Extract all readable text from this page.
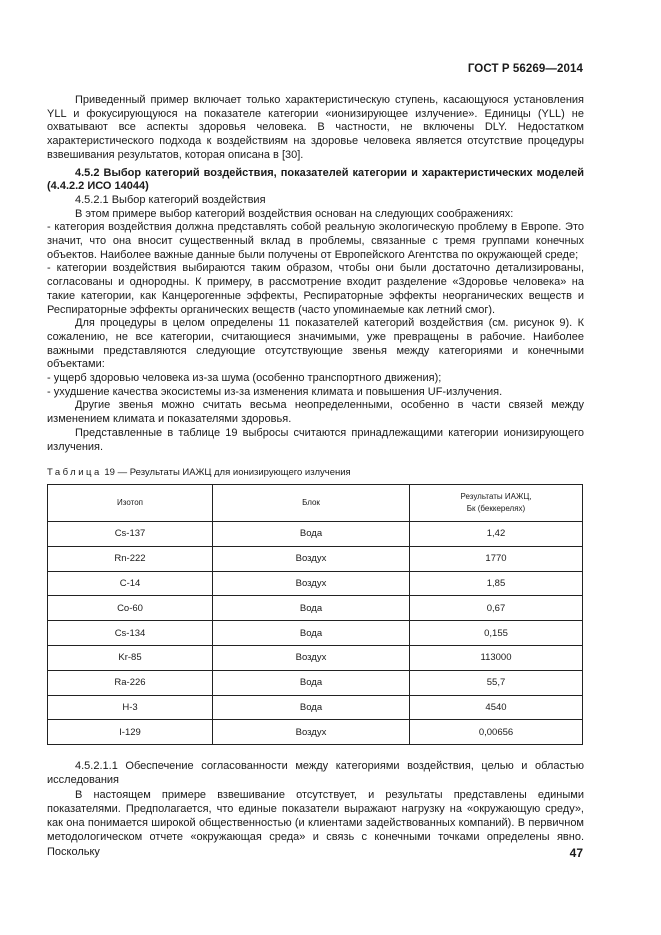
ГОСТ Р 56269—2014

Приведенный пример включает только характеристическую ступень, касающуюся установления YLL и фокусирующуюся на показателе категории «ионизирующее излучение». Единицы (YLL) не охватывают все аспекты здоровья человека. В частности, не включены DLY. Недостатком характеристического подхода к воздействиям на здоровье человека является отсутствие процедуры взвешивания результатов, которая описана в [30].

4.5.2 Выбор категорий воздействия, показателей категории и характеристических моделей (4.4.2.2 ИСО 14044)

4.5.2.1 Выбор категорий воздействия

В этом примере выбор категорий воздействия основан на следующих соображениях:

- категория воздействия должна представлять собой реальную экологическую проблему в Европе. Это значит, что она вносит существенный вклад в проблемы, связанные с тремя группами конечных объектов. Наиболее важные данные были получены от Европейского Агентства по окружающей среде;

- категории воздействия выбираются таким образом, чтобы они были достаточно детализированы, согласованы и однородны. К примеру, в рассмотрение входит разделение «Здоровье человека» на такие категории, как Канцерогенные эффекты, Респираторные эффекты неорганических веществ и Респираторные эффекты органических веществ (часто упоминаемые как летний смог).

Для процедуры в целом определены 11 показателей категорий воздействия (см. рисунок 9). К сожалению, не все категории, считающиеся значимыми, уже превращены в рабочие. Наиболее важными представляются следующие отсутствующие звенья между категориями и конечными объектами:

- ущерб здоровью человека из-за шума (особенно транспортного движения);

- ухудшение качества экосистемы из-за изменения климата и повышения UF-излучения.

Другие звенья можно считать весьма неопределенными, особенно в части связей между изменением климата и показателями здоровья.

Представленные в таблице 19 выбросы считаются принадлежащими категории ионизирующего излучения.

Таблица 19 — Результаты ИАЖЦ для ионизирующего излучения
Изотоп	Блок	Результаты ИАЖЦ,
Бк (беккерелях)

Cs-137	Вода	1,42
Rn-222	Воздух	1770
C-14	Воздух	1,85
Co-60	Вода	0,67
Cs-134	Вода	0,155
Kr-85	Воздух	113000
Ra-226	Вода	55,7
H-3	Вода	4540
I-129	Воздух	0,00656

4.5.2.1.1 Обеспечение согласованности между категориями воздействия, целью и областью исследования

В настоящем примере взвешивание отсутствует, и результаты представлены едиными показателями. Предполагается, что единые показатели выражают нагрузку на «окружающую среду», как она понимается широкой общественностью (и клиентами задействованных компаний). В первичном методологическом отчете «окружающая среда» и связь с конечными точками определены явно. Поскольку	47
